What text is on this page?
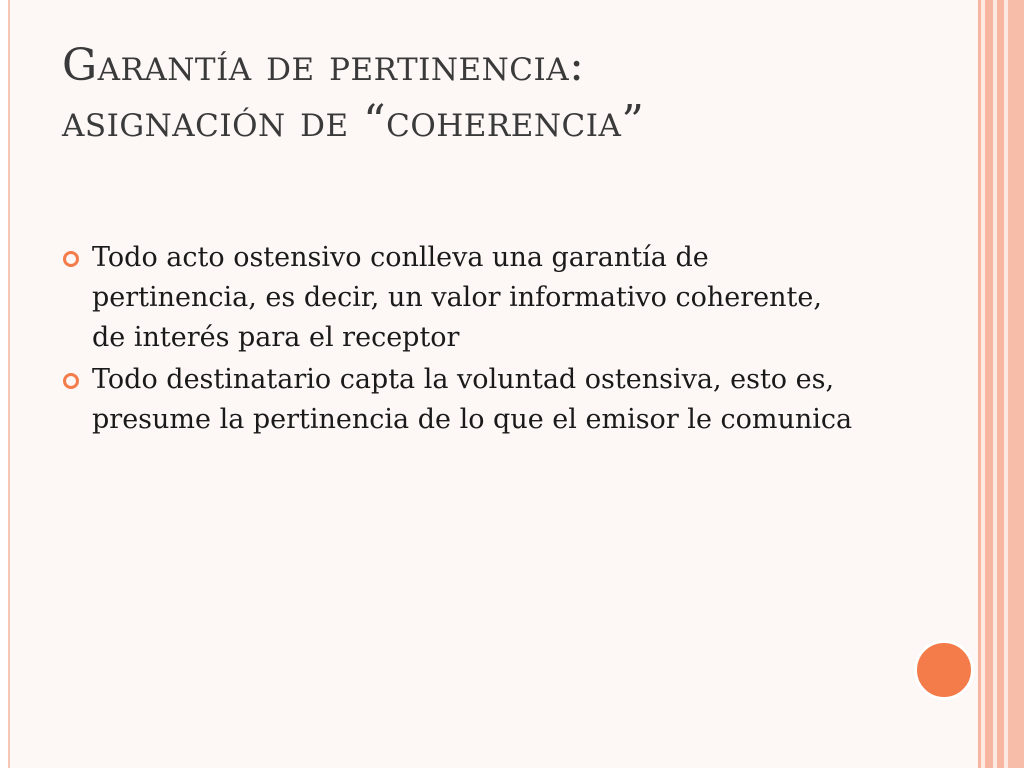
Garantía de pertinencia:
asignación de “coherencia”
Todo acto ostensivo conlleva una garantía de pertinencia, es decir, un valor informativo coherente, de interés para el receptor
Todo destinatario capta la voluntad ostensiva, esto es, presume la pertinencia de lo que el emisor le comunica
